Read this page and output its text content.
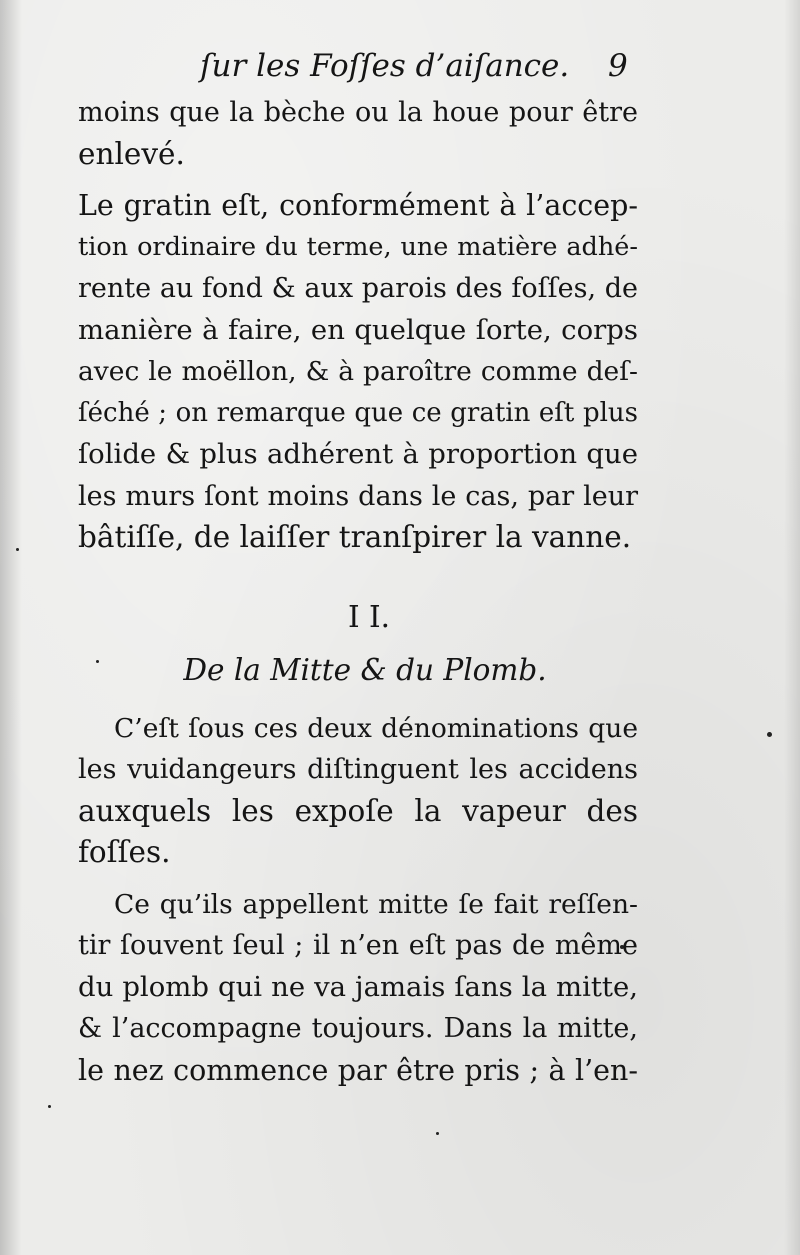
ſur les Foſſes d’aiſance. 9
moins que la bèche ou la houe pour être
enlevé.
Le gratin eſt, conformément à l’accep-
tion ordinaire du terme, une matière adhé-
rente au fond & aux parois des foſſes, de
manière à faire, en quelque ſorte, corps
avec le moëllon, & à paroître comme deſ-
ſéché ; on remarque que ce gratin eſt plus
ſolide & plus adhérent à proportion que
les murs ſont moins dans le cas, par leur
bâtiſſe, de laiſſer tranſpirer la vanne.
I I.
De la Mitte & du Plomb.
C’eſt ſous ces deux dénominations que
les vuidangeurs diſtinguent les accidens
auxquels les expoſe la vapeur des
foſſes.
Ce qu’ils appellent mitte ſe fait reſſen-
tir ſouvent ſeul ; il n’en eſt pas de même
du plomb qui ne va jamais ſans la mitte,
& l’accompagne toujours. Dans la mitte,
le nez commence par être pris ; à l’en-
